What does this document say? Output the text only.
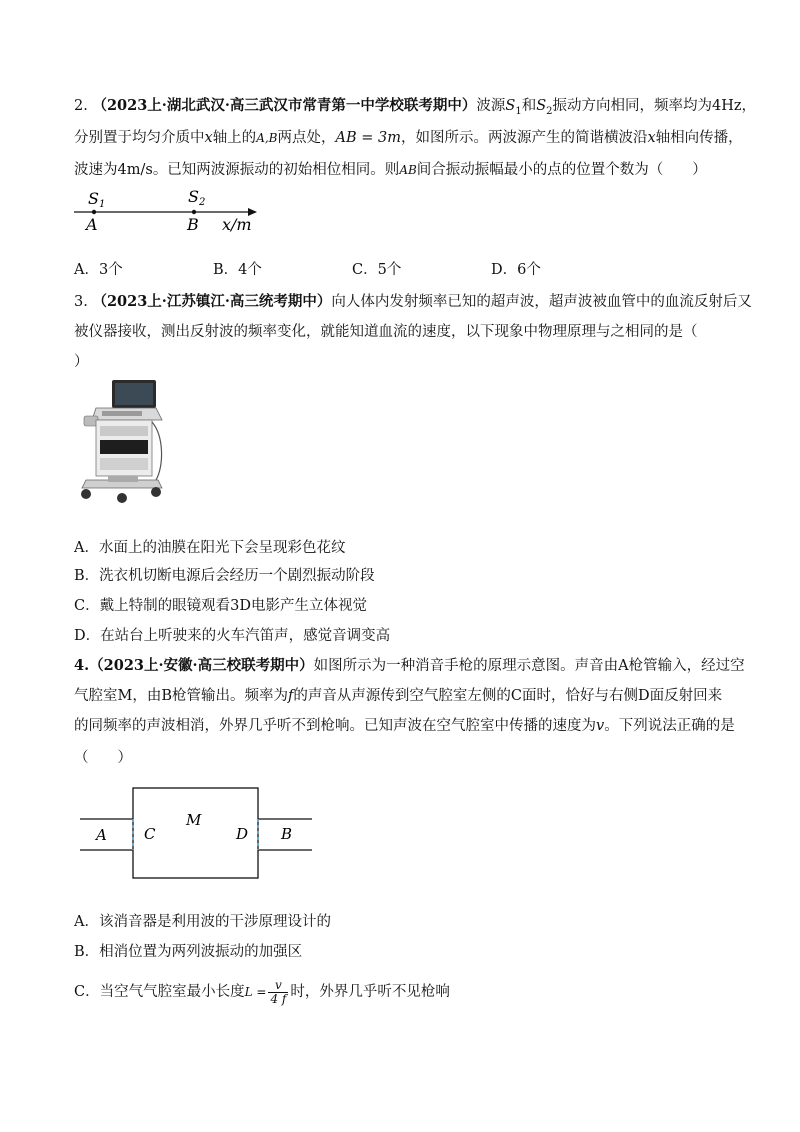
2. （2023上·湖北武汉·高三武汉市常青第一中学校联考期中）波源$S_1$和$S_2$振动方向相同，频率均为4Hz，
分别置于均匀介质中x轴上的A,B两点处，AB = 3m，如图所示。两波源产生的简谐横波沿x轴相向传播，
波速为4m/s。已知两波源振动的初始相位相同。则AB间合振动振幅最小的点的位置个数为（　　）
S1	S2
A	B x/m
A．3个	B．4个	C．5个	D．6个
3. （2023上·江苏镇江·高三统考期中）向人体内发射频率已知的超声波，超声波被血管中的血流反射后又
被仪器接收，测出反射波的频率变化，就能知道血流的速度，以下现象中物理原理与之相同的是（
）
A．水面上的油膜在阳光下会呈现彩色花纹
B．洗衣机切断电源后会经历一个剧烈振动阶段
C．戴上特制的眼镜观看3D电影产生立体视觉
D．在站台上听驶来的火车汽笛声，感觉音调变高
4.（2023上·安徽·高三校联考期中）如图所示为一种消音手枪的原理示意图。声音由A枪管输入，经过空
气腔室M，由B枪管输出。频率为f的声音从声源传到空气腔室左侧的C面时，恰好与右侧D面反射回来
的同频率的声波相消，外界几乎听不到枪响。已知声波在空气腔室中传播的速度为v。下列说法正确的是
（　　）
A C
M
D B
A．该消音器是利用波的干涉原理设计的
B．相消位置为两列波振动的加强区
C．当空气气腔室最小长度$L = \frac{v}{4 f}$ 时，外界几乎听不见枪响
